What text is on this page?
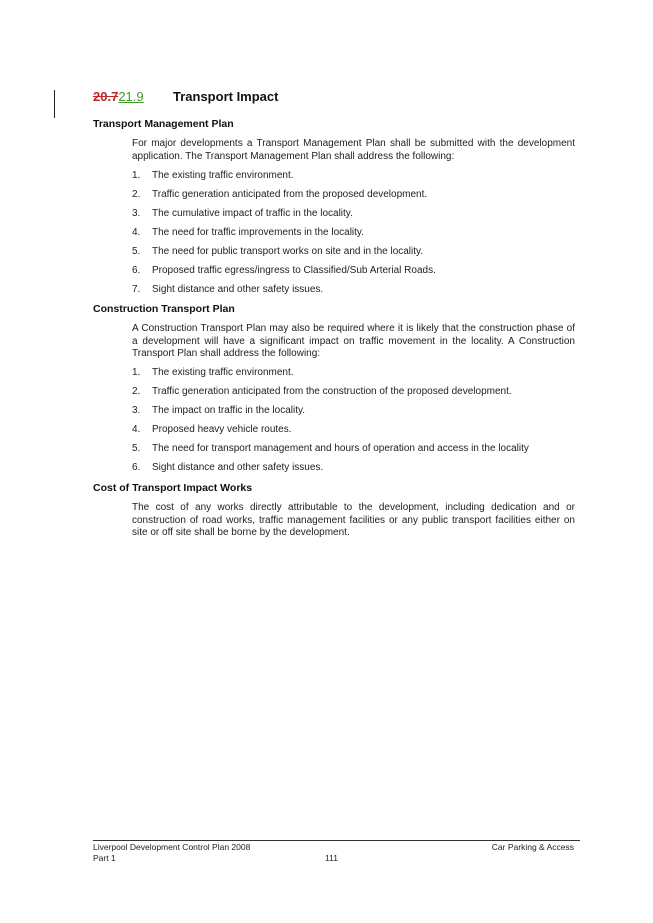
20.7 21.9 Transport Impact
Transport Management Plan
For major developments a Transport Management Plan shall be submitted with the development application. The Transport Management Plan shall address the following:
1. The existing traffic environment.
2. Traffic generation anticipated from the proposed development.
3. The cumulative impact of traffic in the locality.
4. The need for traffic improvements in the locality.
5. The need for public transport works on site and in the locality.
6. Proposed traffic egress/ingress to Classified/Sub Arterial Roads.
7. Sight distance and other safety issues.
Construction Transport Plan
A Construction Transport Plan may also be required where it is likely that the construction phase of a development will have a significant impact on traffic movement in the locality. A Construction Transport Plan shall address the following:
1. The existing traffic environment.
2. Traffic generation anticipated from the construction of the proposed development.
3. The impact on traffic in the locality.
4. Proposed heavy vehicle routes.
5. The need for transport management and hours of operation and access in the locality
6. Sight distance and other safety issues.
Cost of Transport Impact Works
The cost of any works directly attributable to the development, including dedication and or construction of road works, traffic management facilities or any public transport facilities either on site or off site shall be borne by the development.
Liverpool Development Control Plan 2008
Part 1	111
Car Parking & Access
